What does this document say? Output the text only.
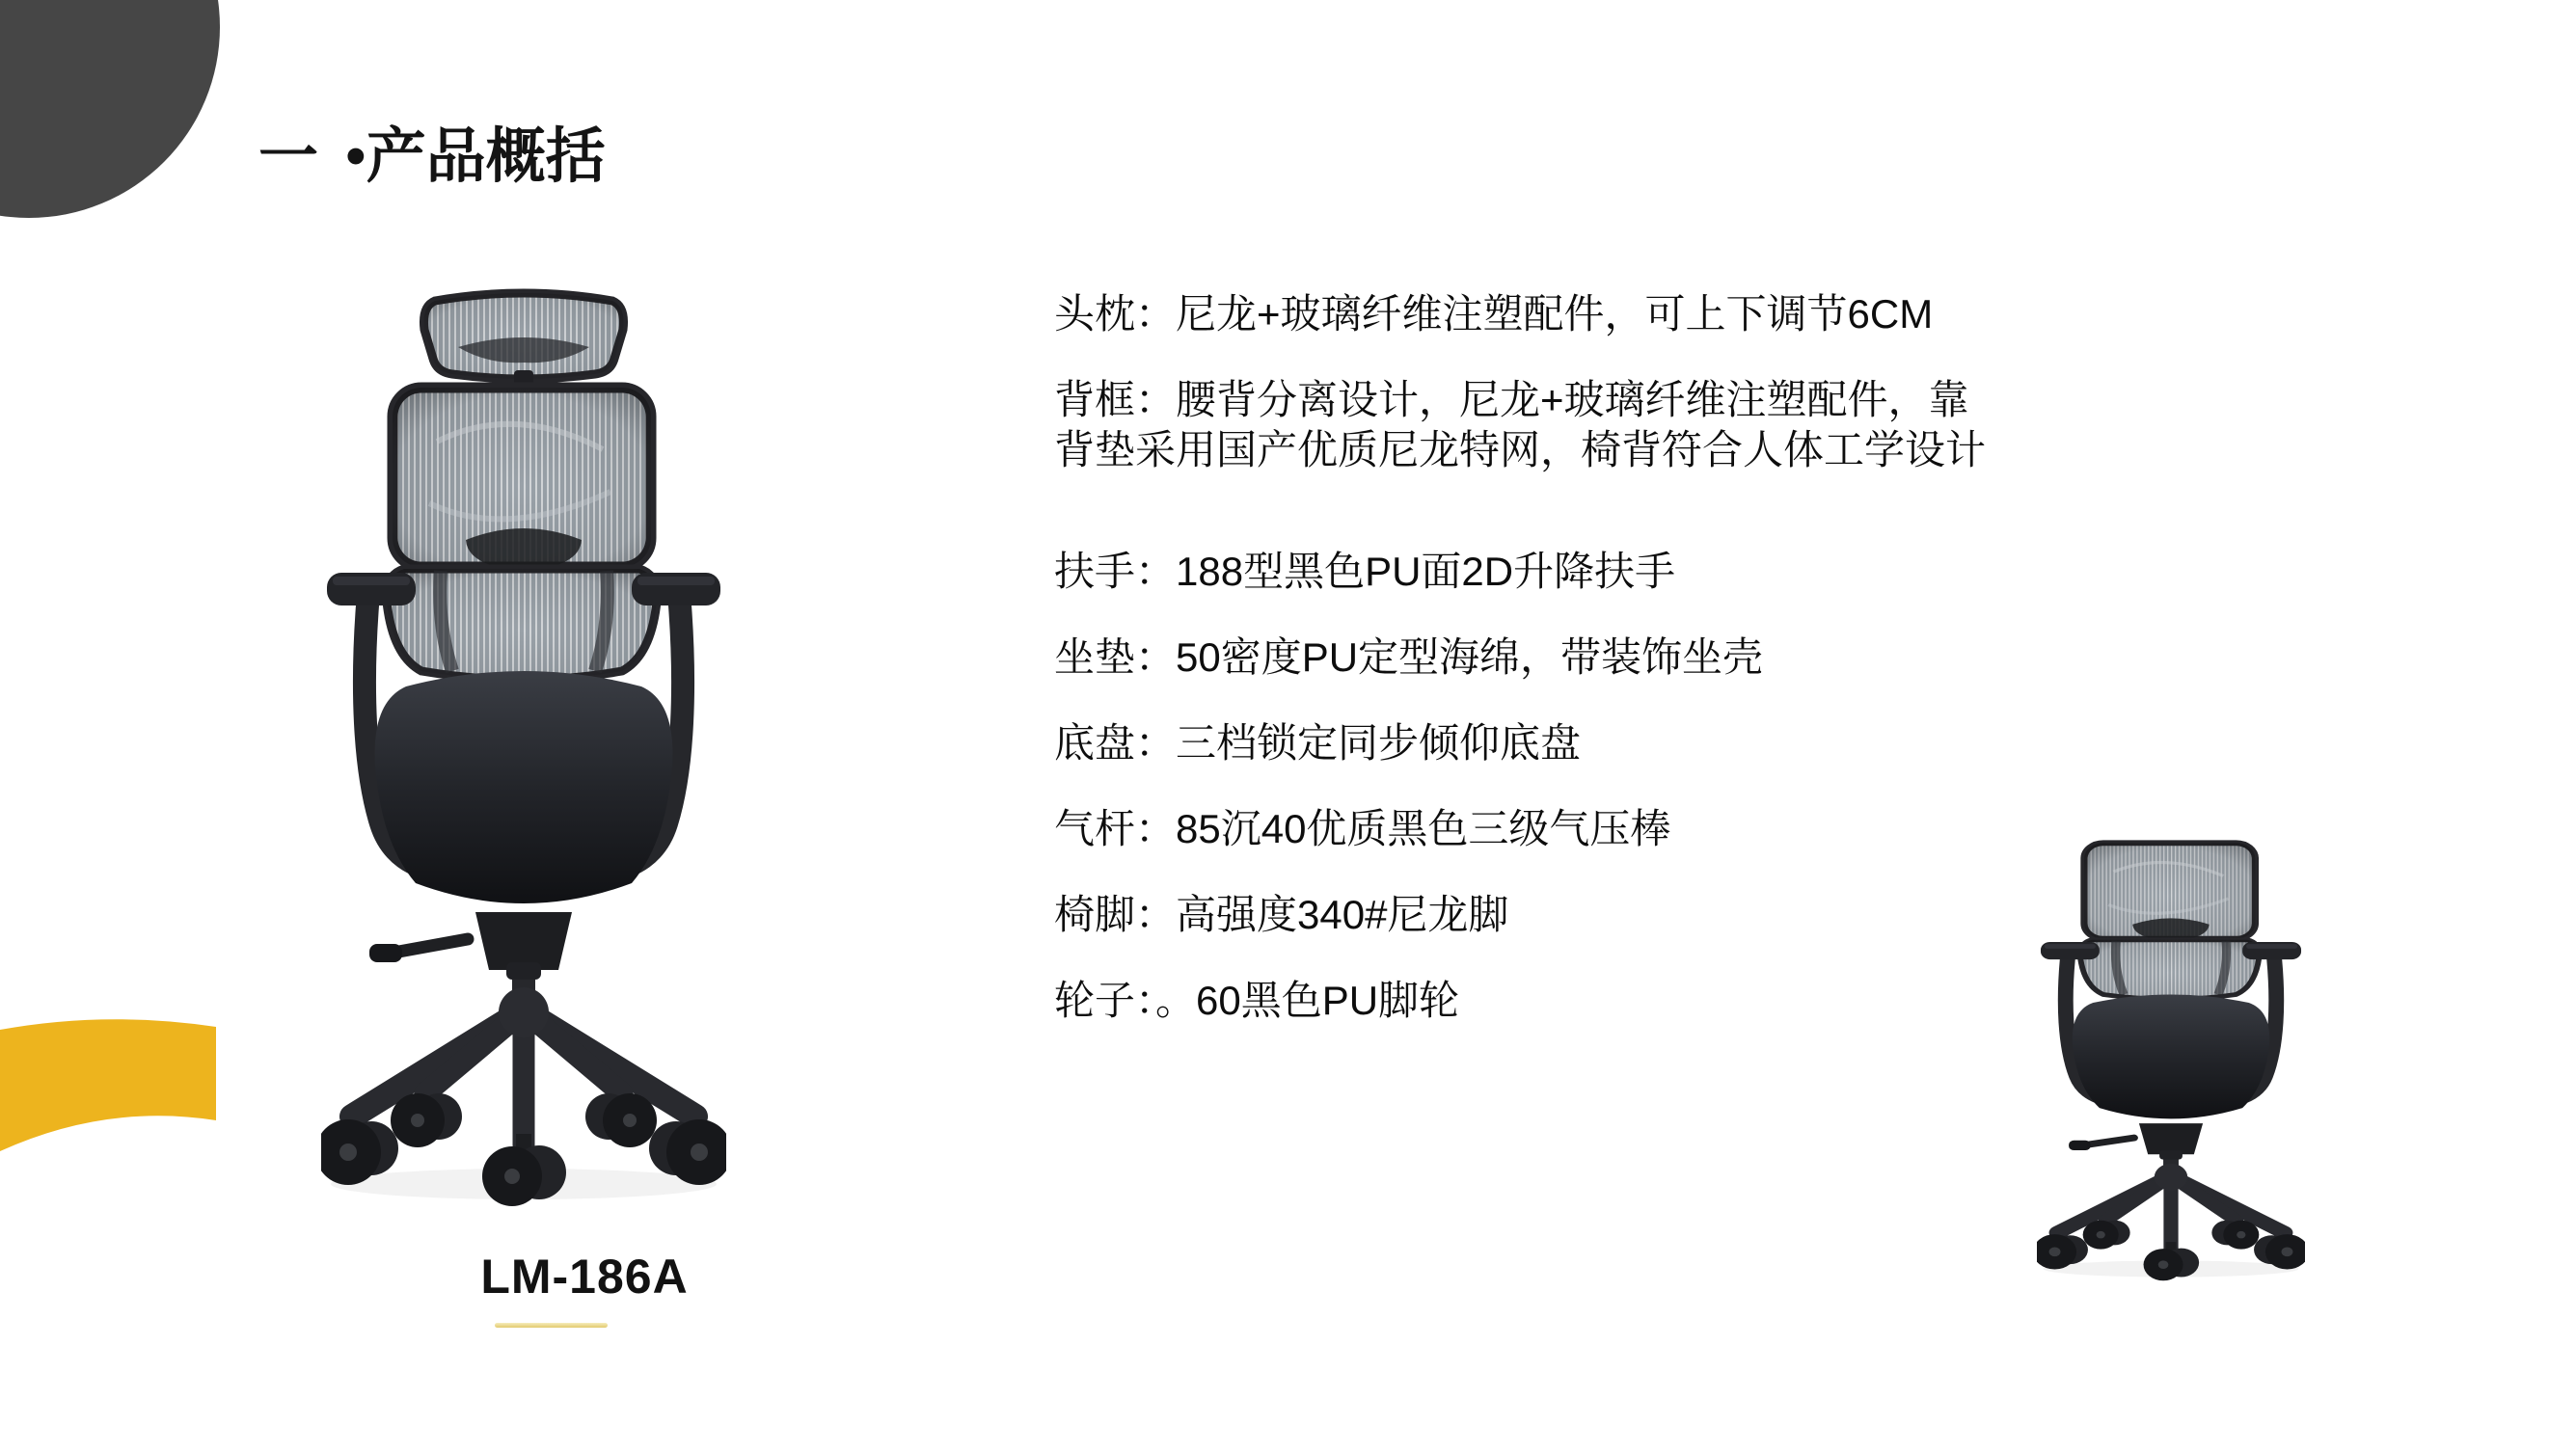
一 •产品概括

头枕：尼龙+玻璃纤维注塑配件，可上下调节6CM

背框：腰背分离设计，尼龙+玻璃纤维注塑配件，靠背垫采用国产优质尼龙特网，椅背符合人体工学设计

扶手：188型黑色PU面2D升降扶手

坐垫：50密度PU定型海绵，带装饰坐壳

底盘：三档锁定同步倾仰底盘

气杆：85沉40优质黑色三级气压棒

椅脚：高强度340#尼龙脚

轮子：。60黑色PU脚轮

LM-186A
